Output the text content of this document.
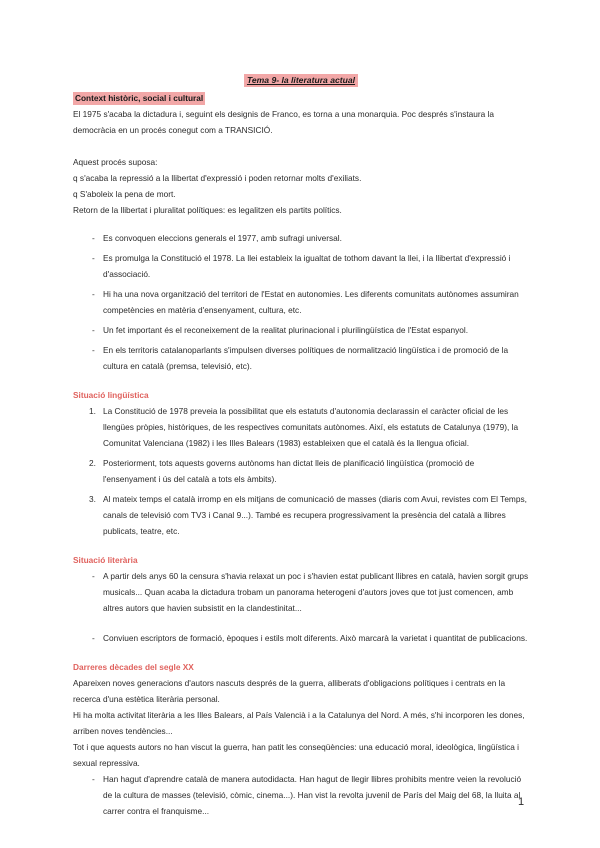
Tema 9- la literatura actual
Context històric, social i cultural

El 1975 s'acaba la dictadura i, seguint els designis de Franco, es torna a una monarquia. Poc després s'instaura la democràcia en un procés conegut com a TRANSICIÓ.

Aquest procés suposa:

q s'acaba la repressió a la llibertat d'expressió i poden retornar molts d'exiliats.

q S'aboleix la pena de mort.

Retorn de la llibertat i pluralitat polítiques: es legalitzen els partits polítics.

- Es convoquen eleccions generals el 1977, amb sufragi universal.
- Es promulga la Constitució el 1978. La llei estableix la igualtat de tothom davant la llei, i la llibertat d'expressió i d'associació.
- Hi ha una nova organització del territori de l'Estat en autonomies. Les diferents comunitats autònomes assumiran competències en matèria d'ensenyament, cultura, etc.
- Un fet important és el reconeixement de la realitat plurinacional i plurilingüística de l'Estat espanyol.
- En els territoris catalanoparlants s'impulsen diverses polítiques de normalització lingüística i de promoció de la cultura en català (premsa, televisió, etc).

Situació lingüística

1. La Constitució de 1978 preveia la possibilitat que els estatuts d'autonomia declarassin el caràcter oficial de les llengües pròpies, històriques, de les respectives comunitats autònomes. Així, els estatuts de Catalunya (1979), la Comunitat Valenciana (1982) i les Illes Balears (1983) estableixen que el català és la llengua oficial.
2. Posteriorment, tots aquests governs autònoms han dictat lleis de planificació lingüística (promoció de l'ensenyament i ús del català a tots els àmbits).
3. Al mateix temps el català irromp en els mitjans de comunicació de masses (diaris com Avui, revistes com El Temps, canals de televisió com TV3 i Canal 9...). També es recupera progressivament la presència del català a llibres publicats, teatre, etc.

Situació literària

- A partir dels anys 60 la censura s'havia relaxat un poc i s'havien estat publicant llibres en català, havien sorgit grups musicals... Quan acaba la dictadura trobam un panorama heterogeni d'autors joves que tot just comencen, amb altres autors que havien subsistit en la clandestinitat...
- Conviuen escriptors de formació, èpoques i estils molt diferents. Això marcarà la varietat i quantitat de publicacions.

Darreres dècades del segle XX

Apareixen noves generacions d'autors nascuts després de la guerra, alliberats d'obligacions polítiques i centrats en la recerca d'una estètica literària personal.

Hi ha molta activitat literària a les Illes Balears, al País Valencià i a la Catalunya del Nord. A més, s'hi incorporen les dones, arriben noves tendències...

Tot i que aquests autors no han viscut la guerra, han patit les conseqüències: una educació moral, ideològica, lingüística i sexual repressiva.

- Han hagut d'aprendre català de manera autodidacta. Han hagut de llegir llibres prohibits mentre veien la revolució de la cultura de masses (televisió, còmic, cinema...). Han vist la revolta juvenil de París del Maig del 68, la lluita al carrer contra el franquisme...
1
